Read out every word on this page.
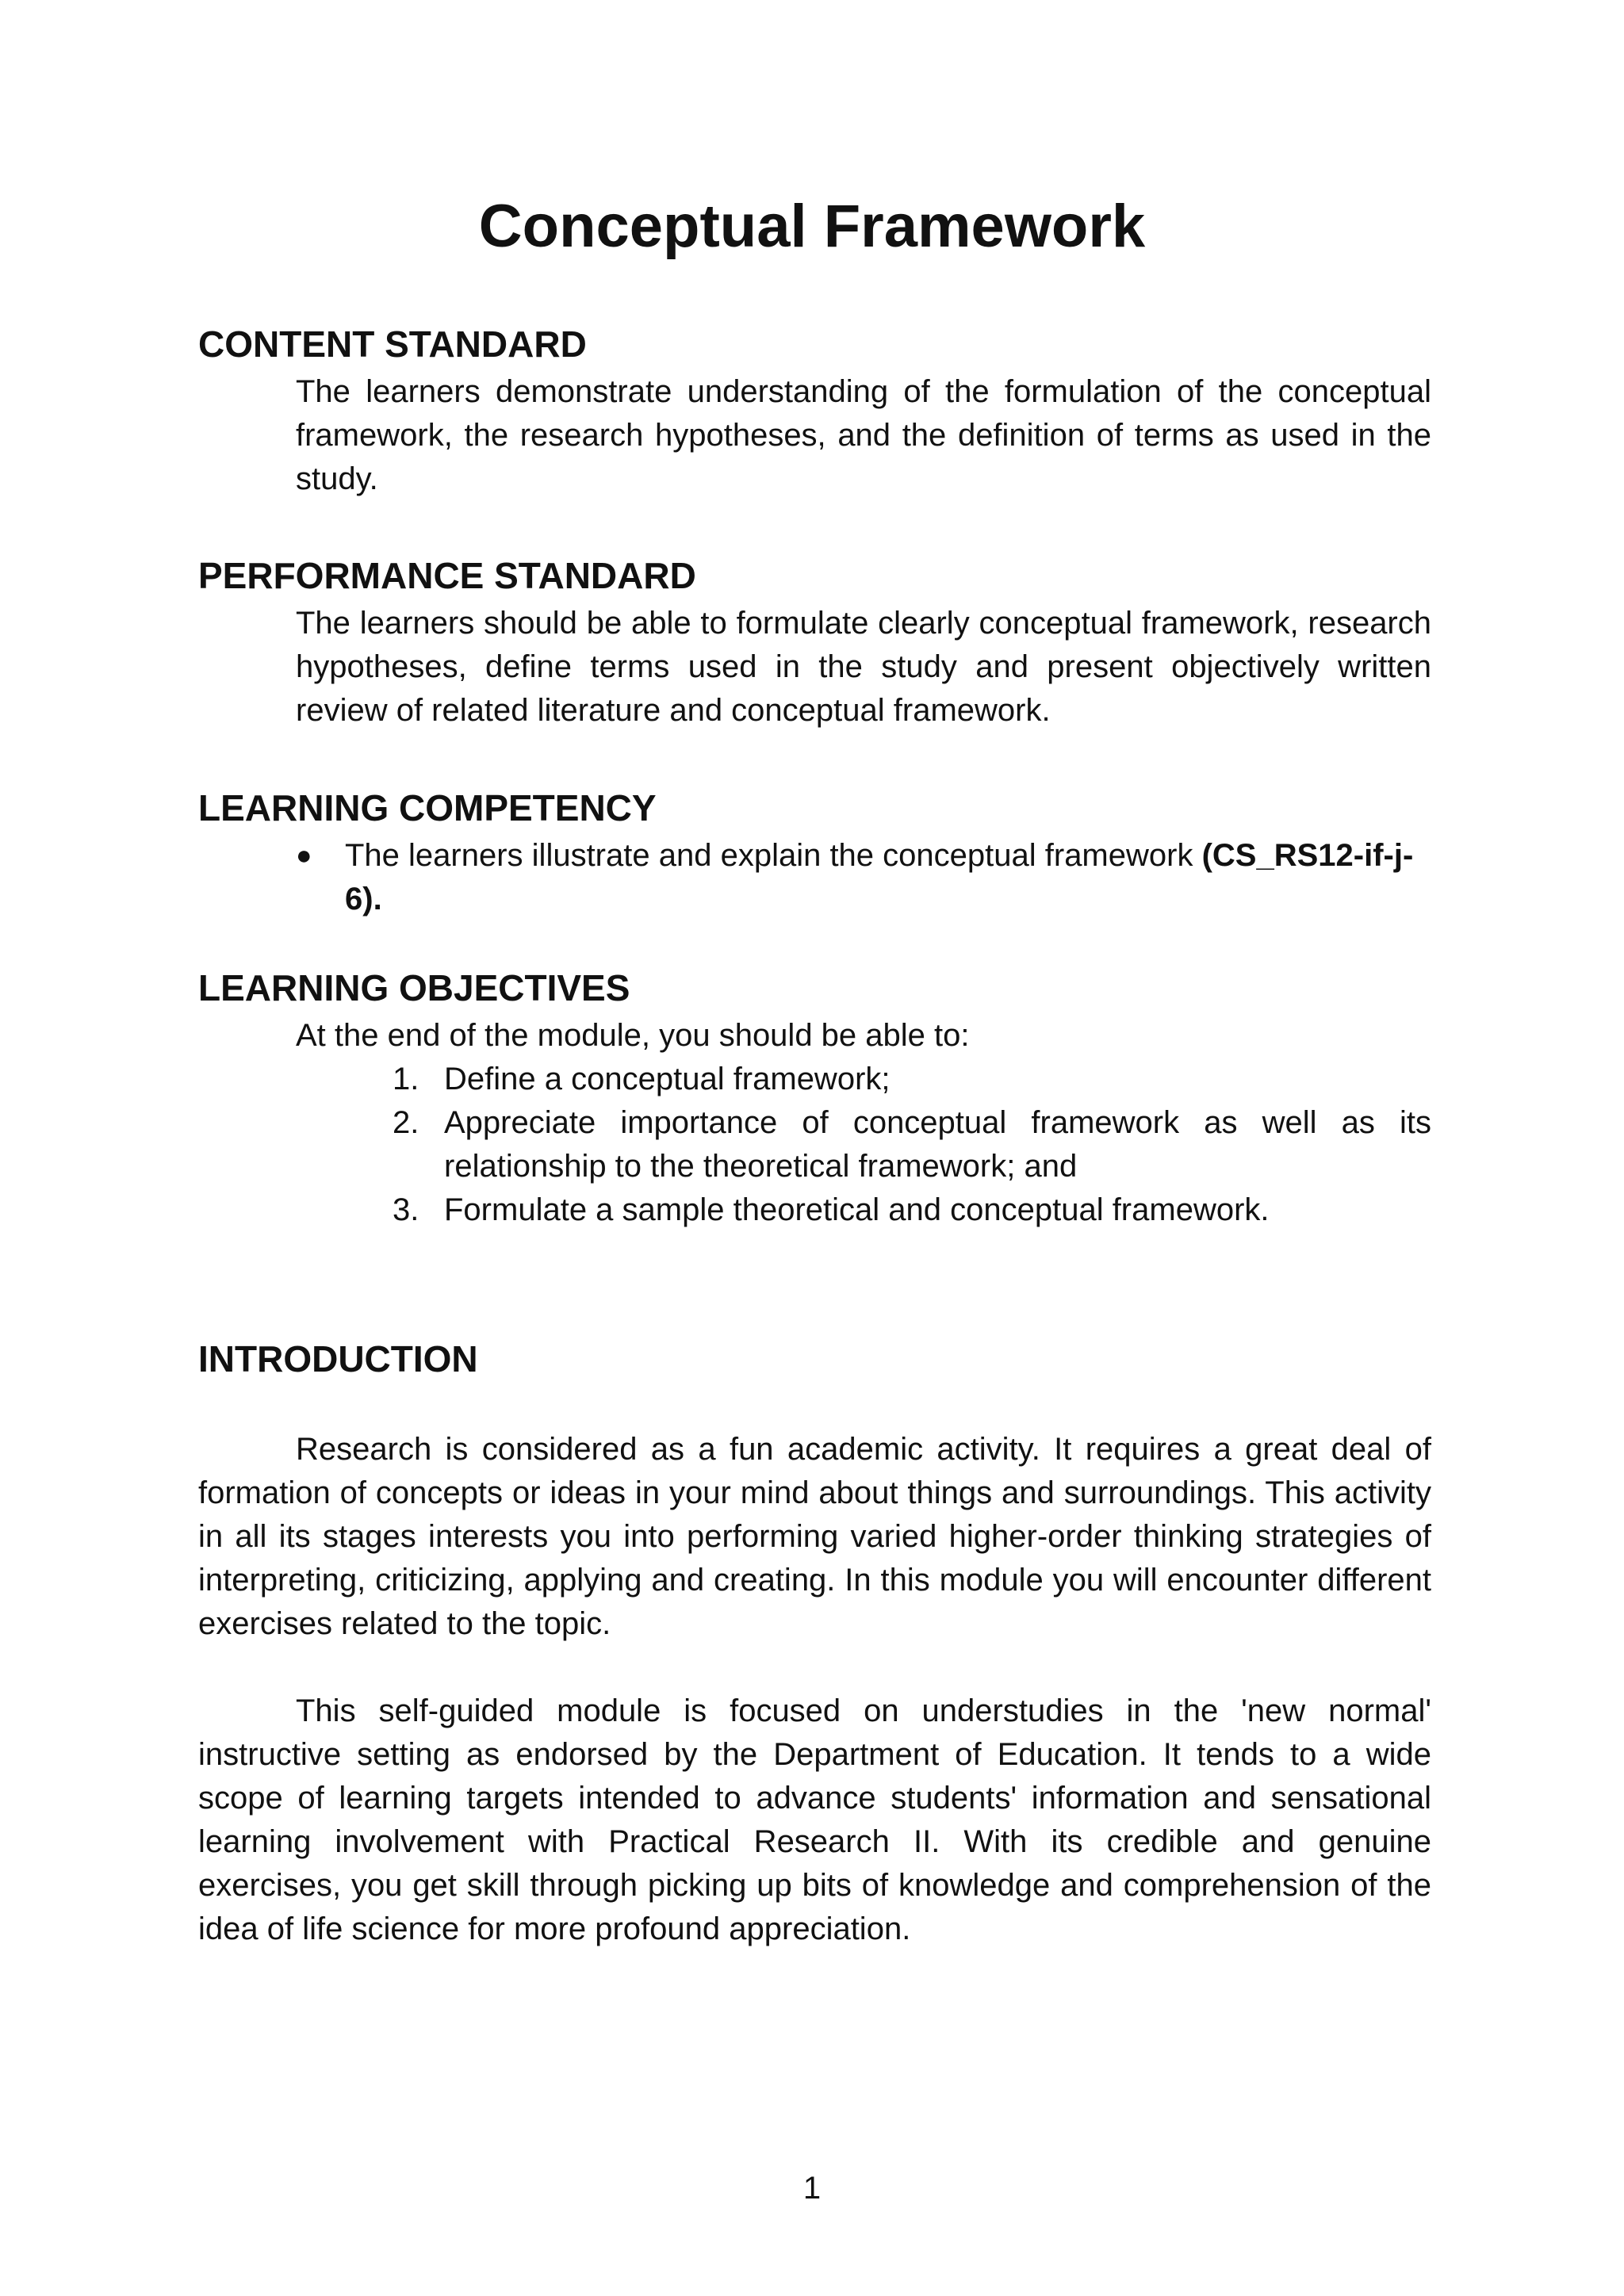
Conceptual Framework
CONTENT STANDARD
The learners demonstrate understanding of the formulation of the conceptual framework, the research hypotheses, and the definition of terms as used in the study.
PERFORMANCE STANDARD
The learners should be able to formulate clearly conceptual framework, research hypotheses, define terms used in the study and present objectively written review of related literature and conceptual framework.
LEARNING COMPETENCY
● The learners illustrate and explain the conceptual framework (CS_RS12-if-j-6).
LEARNING OBJECTIVES
At the end of the module, you should be able to:
1. Define a conceptual framework;
2. Appreciate importance of conceptual framework as well as its relationship to the theoretical framework; and
3. Formulate a sample theoretical and conceptual framework.
INTRODUCTION

Research is considered as a fun academic activity. It requires a great deal of formation of concepts or ideas in your mind about things and surroundings. This activity in all its stages interests you into performing varied higher-order thinking strategies of interpreting, criticizing, applying and creating. In this module you will encounter different exercises related to the topic.

This self-guided module is focused on understudies in the 'new normal' instructive setting as endorsed by the Department of Education. It tends to a wide scope of learning targets intended to advance students' information and sensational learning involvement with Practical Research II. With its credible and genuine exercises, you get skill through picking up bits of knowledge and comprehension of the idea of life science for more profound appreciation.

1
